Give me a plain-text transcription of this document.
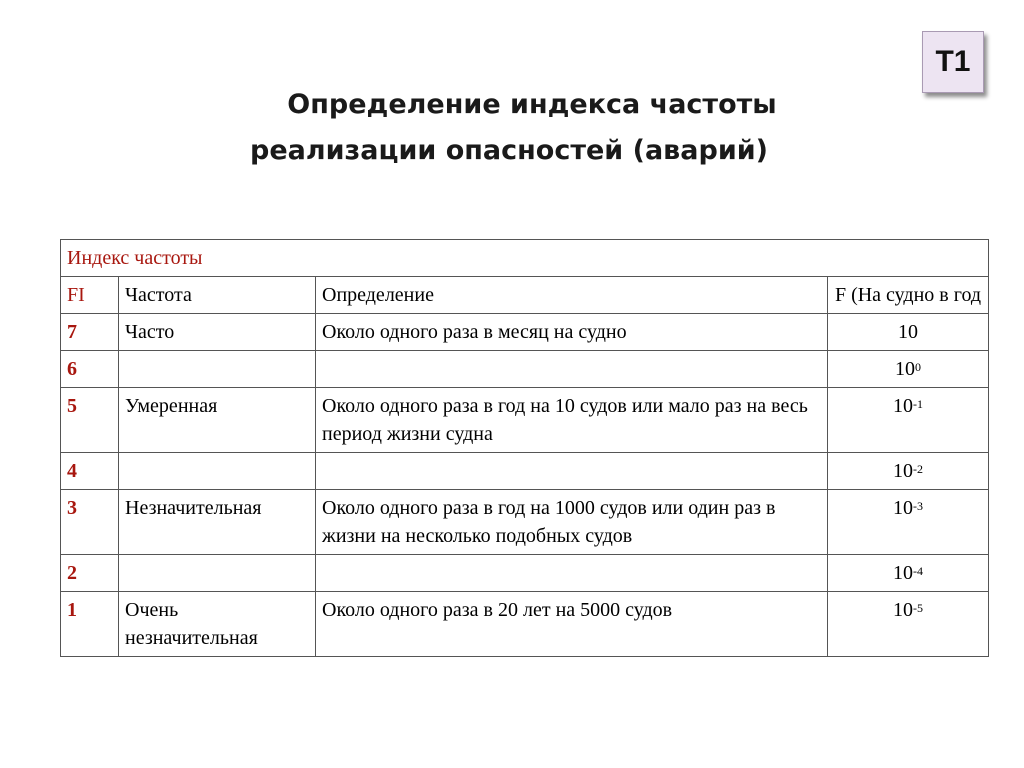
T1
Определение индекса частоты
реализации опасностей (аварий)
Индекс частоты			
FI	Частота	Определение	F (На судно в год
7	Часто	Около одного раза в месяц на судно	10
6			$10^0$
5	Умеренная	Около одного раза в год на 10 судов или мало раз на весь период жизни судна	$10^{-1}$
4			$10^{-2}$
3	Незначительная	Около одного раза в год на 1000 судов или один раз в жизни на несколько подобных судов	$10^{-3}$
2			$10^{-4}$
1	Очень незначительная	Около одного раза в 20 лет на 5000 судов	$10^{-5}$
